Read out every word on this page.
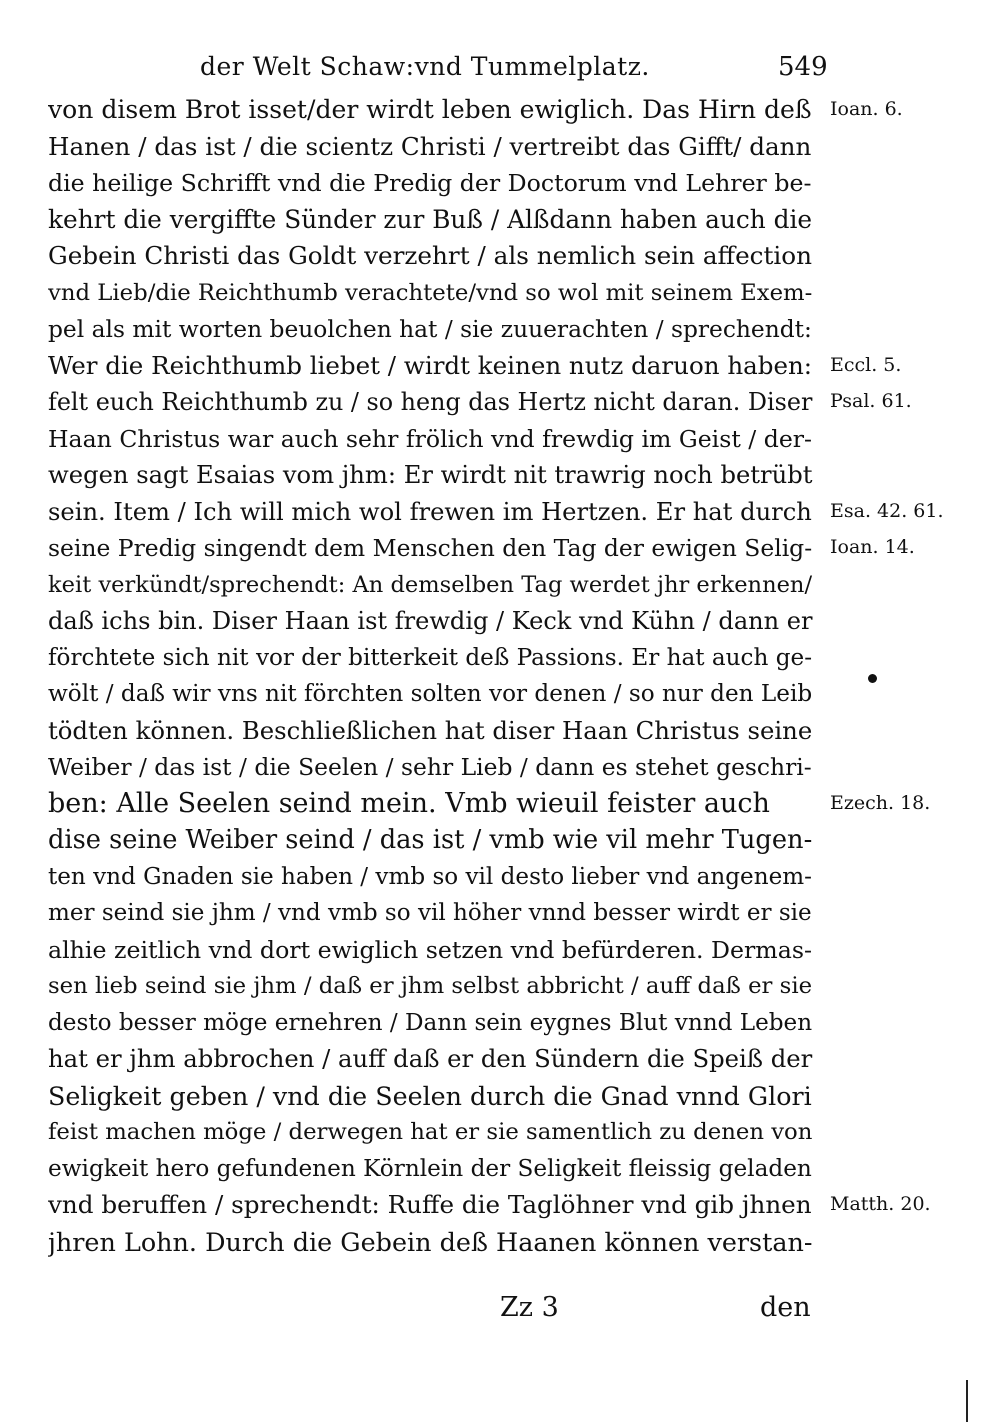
der Welt Schaw:vnd Tummelplatz.	549
von disem Brot isset/der wirdt leben ewiglich. Das Hirn deß
Hanen / das ist / die scientz Christi / vertreibt das Gifft/ dann
die heilige Schrifft vnd die Predig der Doctorum vnd Lehrer be-
kehrt die vergiffte Sünder zur Buß / Alßdann haben auch die
Gebein Christi das Goldt verzehrt / als nemlich sein affection
vnd Lieb/die Reichthumb verachtete/vnd so wol mit seinem Exem-
pel als mit worten beuolchen hat / sie zuuerachten / sprechendt:
Wer die Reichthumb liebet / wirdt keinen nutz daruon haben:
felt euch Reichthumb zu / so heng das Hertz nicht daran. Diser
Haan Christus war auch sehr frölich vnd frewdig im Geist / der-
wegen sagt Esaias vom jhm: Er wirdt nit trawrig noch betrübt
sein. Item / Ich will mich wol frewen im Hertzen. Er hat durch
seine Predig singendt dem Menschen den Tag der ewigen Selig-
keit verkündt/sprechendt: An demselben Tag werdet jhr erkennen/
daß ichs bin. Diser Haan ist frewdig / Keck vnd Kühn / dann er
förchtete sich nit vor der bitterkeit deß Passions. Er hat auch ge-
wölt / daß wir vns nit förchten solten vor denen / so nur den Leib
tödten können. Beschließlichen hat diser Haan Christus seine
Weiber / das ist / die Seelen / sehr Lieb / dann es stehet geschri-
ben: Alle Seelen seind mein. Vmb wieuil feister auch
dise seine Weiber seind / das ist / vmb wie vil mehr Tugen-
ten vnd Gnaden sie haben / vmb so vil desto lieber vnd angenem-
mer seind sie jhm / vnd vmb so vil höher vnnd besser wirdt er sie
alhie zeitlich vnd dort ewiglich setzen vnd befürderen. Dermas-
sen lieb seind sie jhm / daß er jhm selbst abbricht / auff daß er sie
desto besser möge ernehren / Dann sein eygnes Blut vnnd Leben
hat er jhm abbrochen / auff daß er den Sündern die Speiß der
Seligkeit geben / vnd die Seelen durch die Gnad vnnd Glori
feist machen möge / derwegen hat er sie samentlich zu denen von
ewigkeit hero gefundenen Körnlein der Seligkeit fleissig geladen
vnd beruffen / sprechendt: Ruffe die Taglöhner vnd gib jhnen
jhren Lohn. Durch die Gebein deß Haanen können verstan-
Ioan. 6.
Eccl. 5.
Psal. 61.
Esa. 42. 61.
Ioan. 14.
Ezech. 18.
Matth. 20.
Zz 3	den
